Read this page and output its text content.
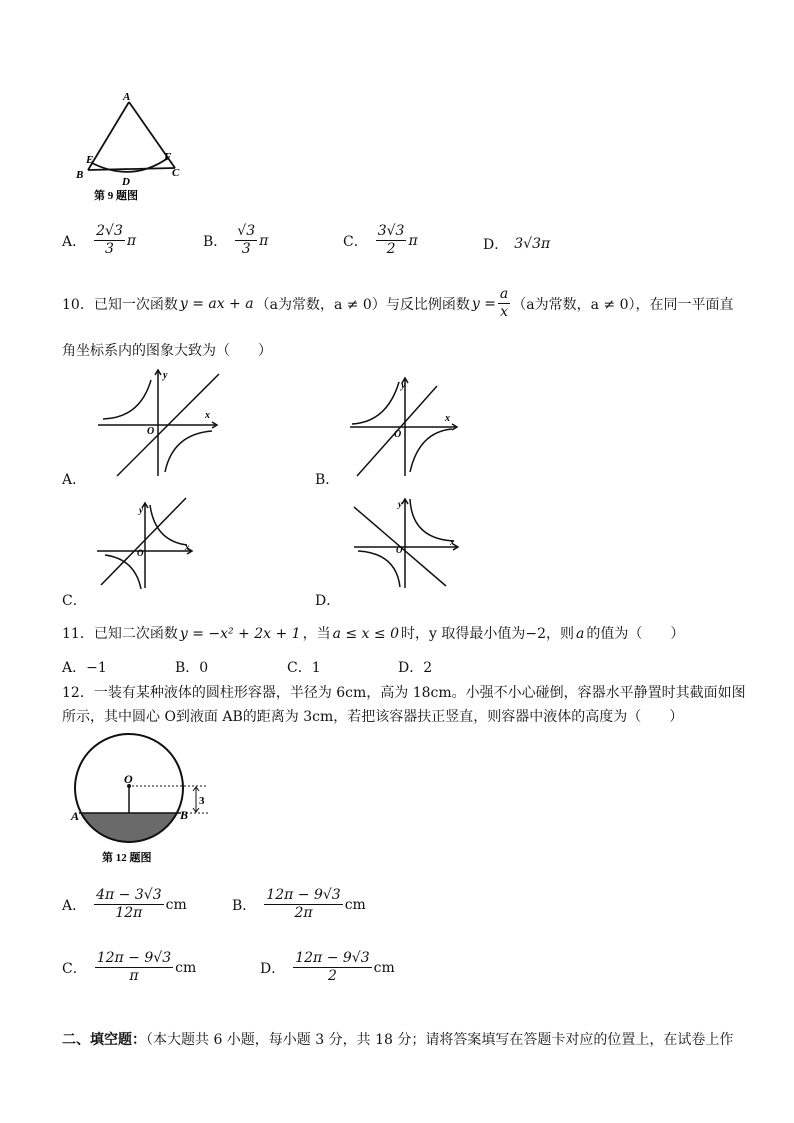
A
E	F
B	C
D
第 9 题图
A． $\frac{2√3}{3}$ π	B． $\frac{√3}{3}$ π	C． $\frac{3√3}{2}$ π	D． 3√3π
10．已知一次函数 y = ax + a （a为常数，a ≠ 0）与反比例函数 $y = \frac{a}{x} (a$为常数，a ≠ 0），在同一平面直
角坐标系内的图象大致为（　　）
x
y
O
A．
x
y
O
B．
x
y
O
C．
x
y
O
D．
11．已知二次函数 y = −x² + 2x + 1 ，当 a ≤ x ≤ 0 时，y 取得最小值为−2，则 a 的值为（　　）
A．−1	B．0	C．1	D．2
12．一装有某种液体的圆柱形容器，半径为 6cm，高为 18cm。小强不小心碰倒，容器水平静置时其截面如图
所示，其中圆心 O到液面 AB的距离为 3cm，若把该容器扶正竖直，则容器中液体的高度为（　　）
O
A	B
3
第 12 题图
A． $\frac{4\pi - 3√3}{12\pi}$ cm	B． $\frac{12\pi - 9√3}{2\pi}$ cm
C． $\frac{12\pi - 9√3}{\pi}$ cm	D． $\frac{12\pi - 9√3}{2}$ cm
二、填空题：（本大题共 6 小题，每小题 3 分，共 18 分；请将答案填写在答题卡对应的位置上，在试卷上作
